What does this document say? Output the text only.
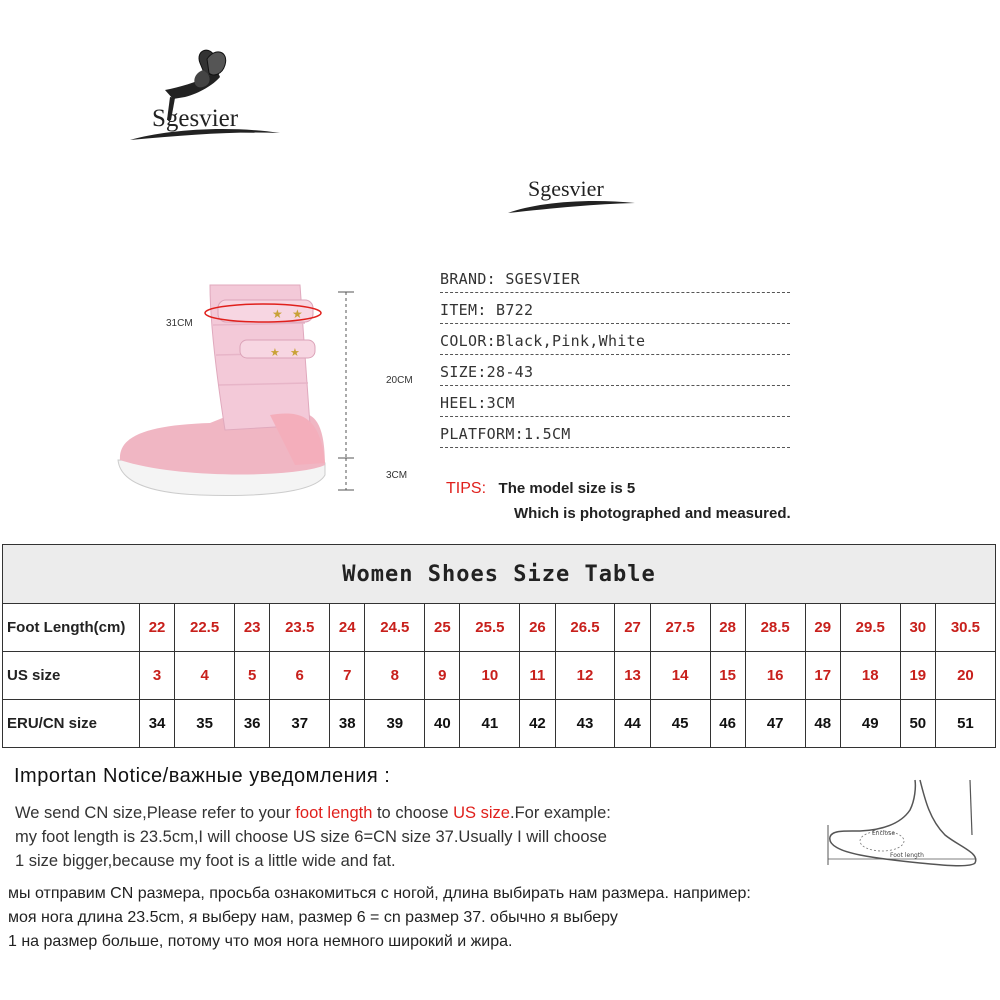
Sgesvier
Sgesvier
★ ★
★ ★
31CM
20CM
3CM
BRAND: SGESVIER
ITEM: B722
COLOR:Black,Pink,White
SIZE:28-43
HEEL:3CM
PLATFORM:1.5CM
TIPS: The model size is 5
Which is photographed and measured.
Women Shoes Size Table																		
Foot Length(cm)	22	22.5	23	23.5	24	24.5	25	25.5	26	26.5	27	27.5	28	28.5	29	29.5	30	30.5
US size	3	4	5	6	7	8	9	10	11	12	13	14	15	16	17	18	19	20
ERU/CN size	34	35	36	37	38	39	40	41	42	43	44	45	46	47	48	49	50	51
Importan Notice/важные уведомления :
We send CN size,Please refer to your foot length to choose US size.For example:
my foot length is 23.5cm,I will choose US size 6=CN size 37.Usually I will choose
1 size bigger,because my foot is a little wide and fat.
мы отправим CN размера, просьба ознакомиться с ногой, длина выбирать нам размера. например:
моя нога длина 23.5cm, я выберу нам, размер 6 = cn размер 37. обычно я выберу
1 на размер больше, потому что моя нога немного широкий и жира.
Enclose
Foot length
